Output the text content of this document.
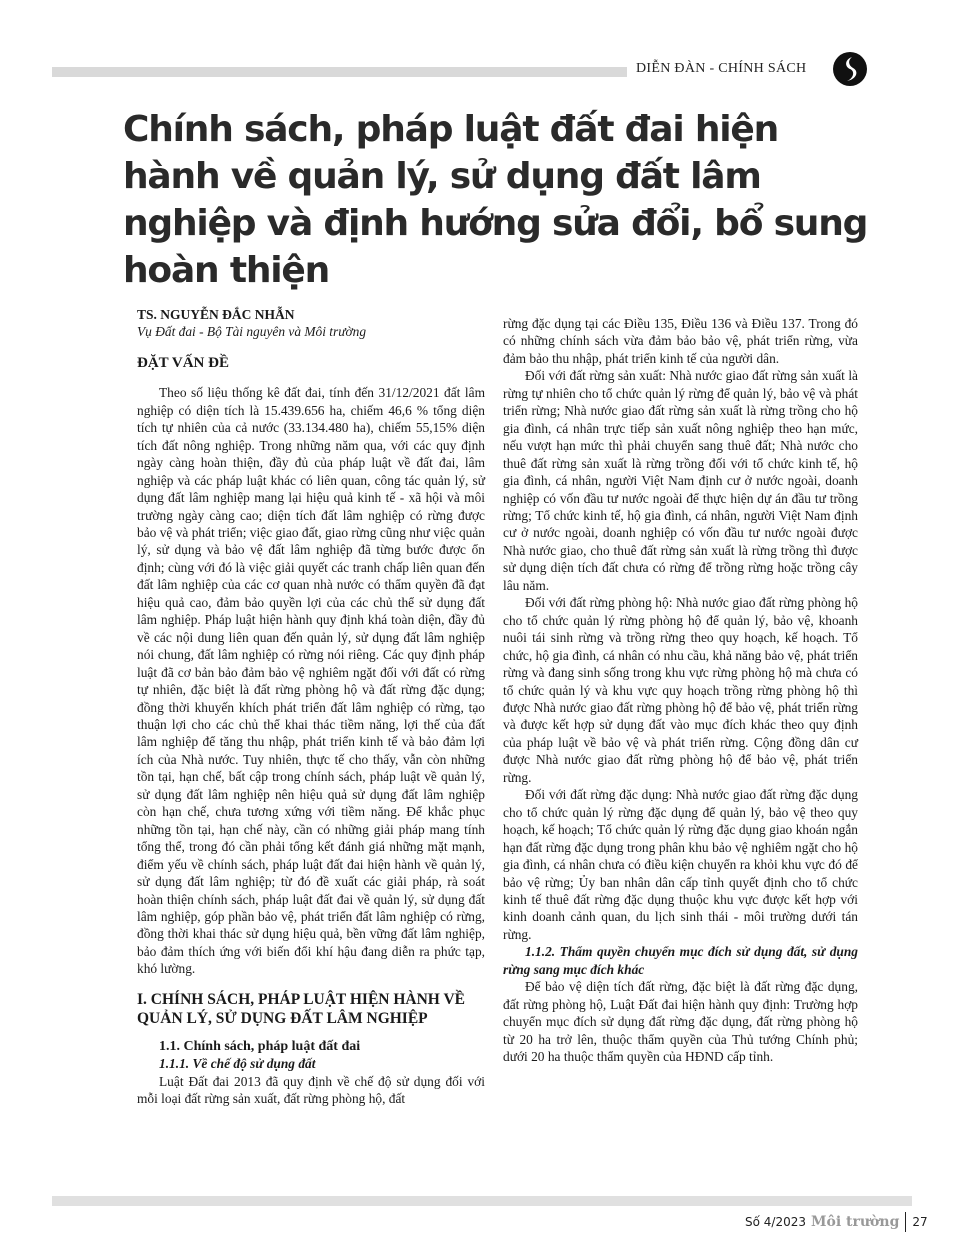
DIỄN ĐÀN - CHÍNH SÁCH
Chính sách, pháp luật đất đai hiện hành về quản lý, sử dụng đất lâm nghiệp và định hướng sửa đổi, bổ sung hoàn thiện

TS. NGUYỄN ĐẮC NHẪN

Vụ Đất đai - Bộ Tài nguyên và Môi trường

ĐẶT VẤN ĐỀ

Theo số liệu thống kê đất đai, tính đến 31/12/2021 đất lâm nghiệp có diện tích là 15.439.656 ha, chiếm 46,6 % tổng diện tích tự nhiên của cả nước (33.134.480 ha), chiếm 55,15% diện tích đất nông nghiệp. Trong những năm qua, với các quy định ngày càng hoàn thiện, đầy đủ của pháp luật về đất đai, lâm nghiệp và các pháp luật khác có liên quan, công tác quản lý, sử dụng đất lâm nghiệp mang lại hiệu quả kinh tế - xã hội và môi trường ngày càng cao; diện tích đất lâm nghiệp có rừng được bảo vệ và phát triển; việc giao đất, giao rừng cũng như việc quản lý, sử dụng và bảo vệ đất lâm nghiệp đã từng bước được ổn định; cùng với đó là việc giải quyết các tranh chấp liên quan đến đất lâm nghiệp của các cơ quan nhà nước có thẩm quyền đã đạt hiệu quả cao, đảm bảo quyền lợi của các chủ thể sử dụng đất lâm nghiệp. Pháp luật hiện hành quy định khá toàn diện, đầy đủ về các nội dung liên quan đến quản lý, sử dụng đất lâm nghiệp nói chung, đất lâm nghiệp có rừng nói riêng. Các quy định pháp luật đã cơ bản bảo đảm bảo vệ nghiêm ngặt đối với đất có rừng tự nhiên, đặc biệt là đất rừng phòng hộ và đất rừng đặc dụng; đồng thời khuyến khích phát triển đất lâm nghiệp có rừng, tạo thuận lợi cho các chủ thể khai thác tiềm năng, lợi thế của đất lâm nghiệp để tăng thu nhập, phát triển kinh tế và bảo đảm lợi ích của Nhà nước. Tuy nhiên, thực tế cho thấy, vẫn còn những tồn tại, hạn chế, bất cập trong chính sách, pháp luật về quản lý, sử dụng đất lâm nghiệp nên hiệu quả sử dụng đất lâm nghiệp còn hạn chế, chưa tương xứng với tiềm năng. Để khắc phục những tồn tại, hạn chế này, cần có những giải pháp mang tính tổng thể, trong đó cần phải tổng kết đánh giá những mặt mạnh, điểm yếu về chính sách, pháp luật đất đai hiện hành về quản lý, sử dụng đất lâm nghiệp; từ đó đề xuất các giải pháp, rà soát hoàn thiện chính sách, pháp luật đất đai về quản lý, sử dụng đất lâm nghiệp, góp phần bảo vệ, phát triển đất lâm nghiệp có rừng, đồng thời khai thác sử dụng hiệu quả, bền vững đất lâm nghiệp, bảo đảm thích ứng với biến đổi khí hậu đang diễn ra phức tạp, khó lường.

I. CHÍNH SÁCH, PHÁP LUẬT HIỆN HÀNH VỀ QUẢN LÝ, SỬ DỤNG ĐẤT LÂM NGHIỆP

1.1. Chính sách, pháp luật đất đai

1.1.1. Về chế độ sử dụng đất

Luật Đất đai 2013 đã quy định về chế độ sử dụng đối với mỗi loại đất rừng sản xuất, đất rừng phòng hộ, đất

rừng đặc dụng tại các Điều 135, Điều 136 và Điều 137. Trong đó có những chính sách vừa đảm bảo bảo vệ, phát triển rừng, vừa đảm bảo thu nhập, phát triển kinh tế của người dân.

Đối với đất rừng sản xuất: Nhà nước giao đất rừng sản xuất là rừng tự nhiên cho tổ chức quản lý rừng để quản lý, bảo vệ và phát triển rừng; Nhà nước giao đất rừng sản xuất là rừng trồng cho hộ gia đình, cá nhân trực tiếp sản xuất nông nghiệp theo hạn mức, nếu vượt hạn mức thì phải chuyển sang thuê đất; Nhà nước cho thuê đất rừng sản xuất là rừng trồng đối với tổ chức kinh tế, hộ gia đình, cá nhân, người Việt Nam định cư ở nước ngoài, doanh nghiệp có vốn đầu tư nước ngoài để thực hiện dự án đầu tư trồng rừng; Tổ chức kinh tế, hộ gia đình, cá nhân, người Việt Nam định cư ở nước ngoài, doanh nghiệp có vốn đầu tư nước ngoài được Nhà nước giao, cho thuê đất rừng sản xuất là rừng trồng thì được sử dụng diện tích đất chưa có rừng để trồng rừng hoặc trồng cây lâu năm.

Đối với đất rừng phòng hộ: Nhà nước giao đất rừng phòng hộ cho tổ chức quản lý rừng phòng hộ để quản lý, bảo vệ, khoanh nuôi tái sinh rừng và trồng rừng theo quy hoạch, kế hoạch. Tổ chức, hộ gia đình, cá nhân có nhu cầu, khả năng bảo vệ, phát triển rừng và đang sinh sống trong khu vực rừng phòng hộ mà chưa có tổ chức quản lý và khu vực quy hoạch trồng rừng phòng hộ thì được Nhà nước giao đất rừng phòng hộ để bảo vệ, phát triển rừng và được kết hợp sử dụng đất vào mục đích khác theo quy định của pháp luật về bảo vệ và phát triển rừng. Cộng đồng dân cư được Nhà nước giao đất rừng phòng hộ để bảo vệ, phát triển rừng.

Đối với đất rừng đặc dụng: Nhà nước giao đất rừng đặc dụng cho tổ chức quản lý rừng đặc dụng để quản lý, bảo vệ theo quy hoạch, kế hoạch; Tổ chức quản lý rừng đặc dụng giao khoán ngắn hạn đất rừng đặc dụng trong phân khu bảo vệ nghiêm ngặt cho hộ gia đình, cá nhân chưa có điều kiện chuyển ra khỏi khu vực đó để bảo vệ rừng; Ủy ban nhân dân cấp tỉnh quyết định cho tổ chức kinh tế thuê đất rừng đặc dụng thuộc khu vực được kết hợp với kinh doanh cảnh quan, du lịch sinh thái - môi trường dưới tán rừng.

1.1.2. Thẩm quyền chuyển mục đích sử dụng đất, sử dụng rừng sang mục đích khác

Để bảo vệ diện tích đất rừng, đặc biệt là đất rừng đặc dụng, đất rừng phòng hộ, Luật Đất đai hiện hành quy định: Trường hợp chuyển mục đích sử dụng đất rừng đặc dụng, đất rừng phòng hộ từ 20 ha trở lên, thuộc thẩm quyền của Thủ tướng Chính phủ; dưới 20 ha thuộc thẩm quyền của HĐND cấp tỉnh.

Số 4/2023 Môi trường 27
